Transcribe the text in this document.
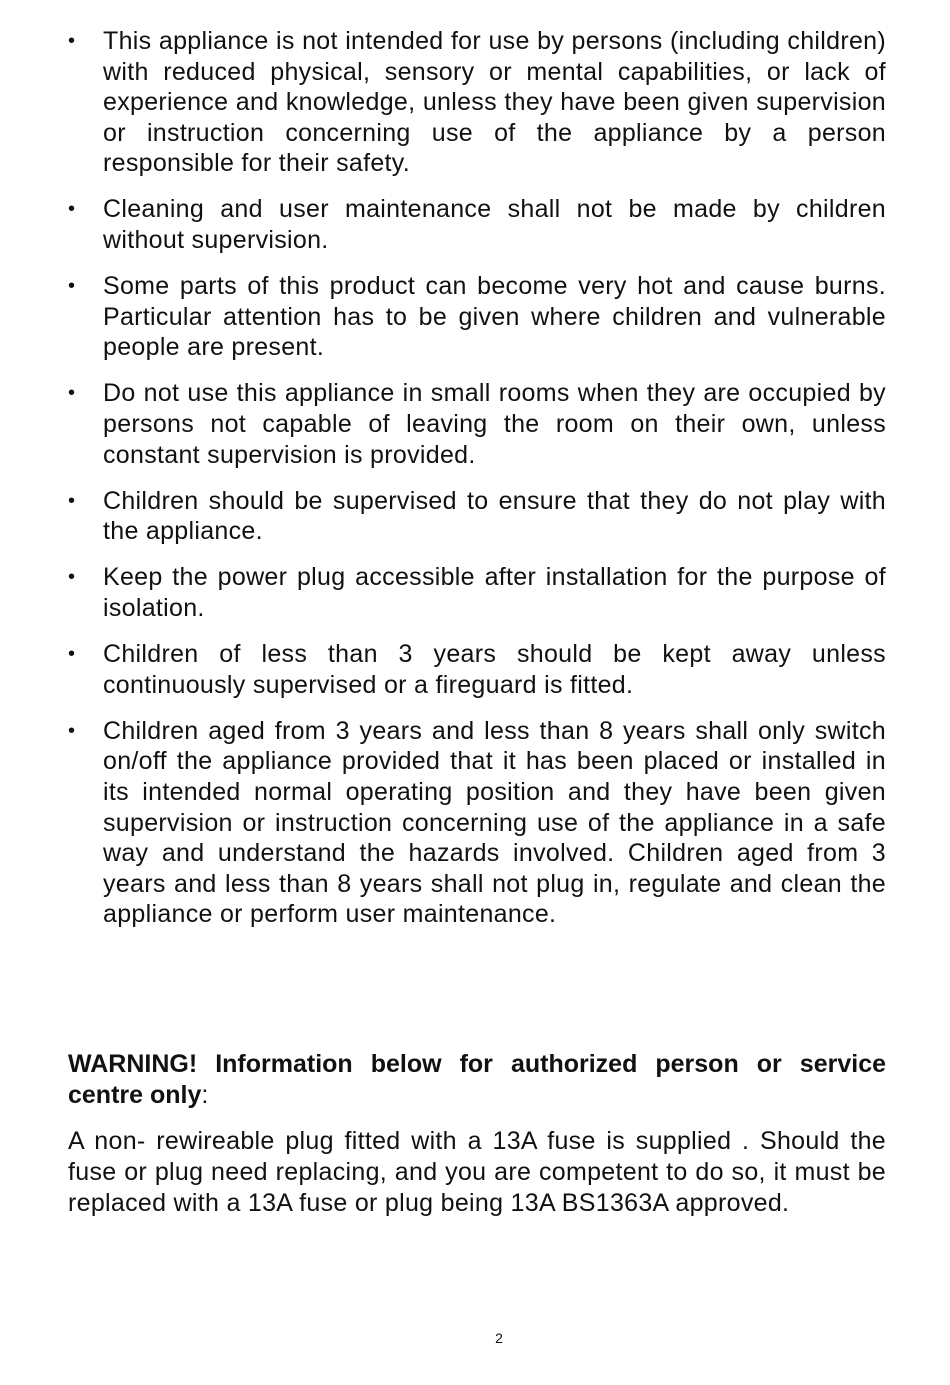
• This appliance is not intended for use by persons (including children) with reduced physical, sensory or mental capabilities, or lack of experience and knowledge, unless they have been given supervision or instruction concerning use of the appliance by a person responsible for their safety.
• Cleaning and user maintenance shall not be made by children without supervision.
• Some parts of this product can become very hot and cause burns. Particular attention has to be given where children and vulnerable people are present.
• Do not use this appliance in small rooms when they are occupied by persons not capable of leaving the room on their own, unless constant supervision is provided.
• Children should be supervised to ensure that they do not play with the appliance.
• Keep the power plug accessible after installation for the purpose of isolation.
• Children of less than 3 years should be kept away unless continuously supervised or a fireguard is fitted.
• Children aged from 3 years and less than 8 years shall only switch on/off the appliance provided that it has been placed or installed in its intended normal operating position and they have been given supervision or instruction concerning use of the appliance in a safe way and understand the hazards involved. Children aged from 3 years and less than 8 years shall not plug in, regulate and clean the appliance or perform user maintenance.

WARNING! Information below for authorized person or service centre only:

A non- rewireable plug fitted with a 13A fuse is supplied . Should the fuse or plug need replacing, and you are competent to do so, it must be replaced with a 13A fuse or plug being 13A BS1363A approved.

2
